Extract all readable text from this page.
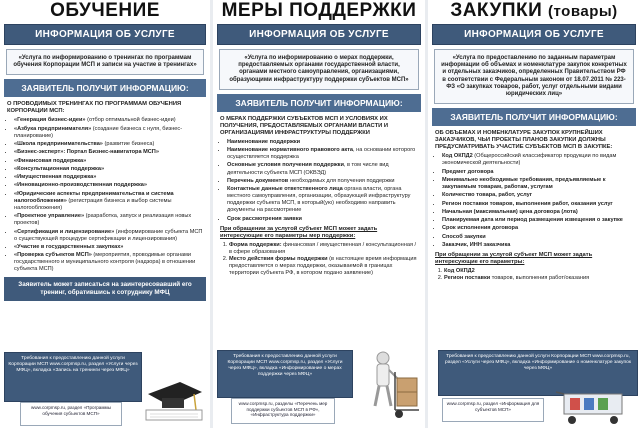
ОБУЧЕНИЕ
ИНФОРМАЦИЯ ОБ УСЛУГЕ
«Услуга по информированию о тренингах по программам обучения Корпорации МСП и записи на участие в тренингах»
ЗАЯВИТЕЛЬ ПОЛУЧИТ ИНФОРМАЦИЮ:
О ПРОВОДИМЫХ ТРЕНИНГАХ ПО ПРОГРАММАМ ОБУЧЕНИЯ КОРПОРАЦИИ МСП:
• «Генерация бизнес-идеи» (отбор оптимальной бизнес-идеи)
• «Азбука предпринимателя» (создание бизнеса с нуля, бизнес-планирование)
• «Школа предпринимательства» (развитие бизнеса)
• «Бизнес-эксперт»: Портал Бизнес-навигатора МСП»
• «Финансовая поддержка»
• «Консультационная поддержка»
• «Имущественная поддержка»
• «Инновационно-производственная поддержка»
• «Юридические аспекты предпринимательства и система налогообложения» (регистрация бизнеса и выбор системы налогообложения)
• «Проектное управление» (разработка, запуск и реализация новых проектов)
• «Сертификация и лицензирование» (информирование субъекта МСП о существующей процедуре сертификации и лицензирования)
• «Участие в государственных закупках»
• «Проверка субъектов МСП» (мероприятия, проводимые органами государственного и муниципального контроля (надзора) в отношении субъекта МСП)
Заявитель может записаться на заинтересовавший его тренинг, обратившись к сотруднику МФЦ
Требования к предоставлению данной услуги Корпорации МСП www.corpmsp.ru, раздел «Услуги через МФЦ», вкладка «Запись на тренинги через МФЦ»
www.corpmsp.ru, раздел «Программы обучения субъектов МСП»
МЕРЫ ПОДДЕРЖКИ
ИНФОРМАЦИЯ ОБ УСЛУГЕ
«Услуга по информированию о мерах поддержки, предоставляемых органами государственной власти, органами местного самоуправления, организациями, образующими инфраструктуру поддержки субъектов МСП»
ЗАЯВИТЕЛЬ ПОЛУЧИТ ИНФОРМАЦИЮ:
О МЕРАХ ПОДДЕРЖКИ СУБЪЕКТОВ МСП И УСЛОВИЯХ ИХ ПОЛУЧЕНИЯ, ПРЕДОСТАВЛЯЕМЫХ ОРГАНАМИ ВЛАСТИ И ОРГАНИЗАЦИЯМИ ИНФРАСТРУКТУРЫ ПОДДЕРЖКИ
• Наименование поддержки
• Наименование нормативного правового акта, на основании которого осуществляется поддержка
• Основные условия получения поддержки, в том числе вид деятельности субъекта МСП (ОКВЭД)
• Перечень документов необходимых для получения поддержки
• Контактные данные ответственного лица органа власти, органа местного самоуправления, организации, образующей инфраструктуру поддержки субъекта МСП, в который(ую) необходимо направить документы на рассмотрение
• Срок рассмотрения заявки
При обращении за услугой субъект МСП может задать интересующие его параметры мер поддержки:
1. Форма поддержки: финансовая / имущественная / консультационная / в сфере образования
2. Место действия формы поддержки (в настоящее время информация предоставляется о мерах поддержки, оказываемой в границах территории субъекта РФ, в котором подано заявление)
Требования к предоставлению данной услуги Корпорации МСП www.corpmsp.ru, раздел «Услуги через МФЦ», вкладка «Информирование о мерах поддержки через МФЦ»
www.corpmsp.ru, разделы «Перечень мер поддержки субъектов МСП в РФ», «Инфраструктура поддержки»
ЗАКУПКИ (товары)
ИНФОРМАЦИЯ ОБ УСЛУГЕ
«Услуга по предоставлению по заданным параметрам информации об объемах и номенклатуре закупок конкретных и отдельных заказчиков, определенных Правительством РФ в соответствии с Федеральным законом от 18.07.2011 № 223-ФЗ «О закупках товаров, работ, услуг отдельными видами юридических лиц»
ЗАЯВИТЕЛЬ ПОЛУЧИТ ИНФОРМАЦИЮ:
ОБ ОБЪЕМАХ И НОМЕНКЛАТУРЕ ЗАКУПОК КРУПНЕЙШИХ ЗАКАЗЧИКОВ, ЧЬИ ПРОЕКТЫ ПЛАНОВ ЗАКУПКИ ДОЛЖНЫ ПРЕДУСМАТРИВАТЬ УЧАСТИЕ СУБЪЕКТОВ МСП В ЗАКУПКЕ:
• Код ОКПД2 (Общероссийский классификатор продукции по видам экономической деятельности)
• Предмет договора
• Минимально необходимые требования, предъявляемые к закупаемым товарам, работам, услугам
• Количество товара, работ, услуг
• Регион поставки товаров, выполнения работ, оказания услуг
• Начальная (максимальная) цена договора (лота)
• Планируемая дата или период размещения извещения о закупке
• Срок исполнения договора
• Способ закупки
• Заказчик, ИНН заказчика
При обращении за услугой субъект МСП может задать интересующие его параметры:
1. Код ОКПД2
2. Регион поставки товаров, выполнения работ/оказания
Требования к предоставлению данной услуги Корпорации МСП www.corpmsp.ru, раздел «Услуги через МФЦ», вкладка «Информирование о номенклатуре закупок через МФЦ»
www.corpmsp.ru, раздел «Информация для субъектов МСП»
